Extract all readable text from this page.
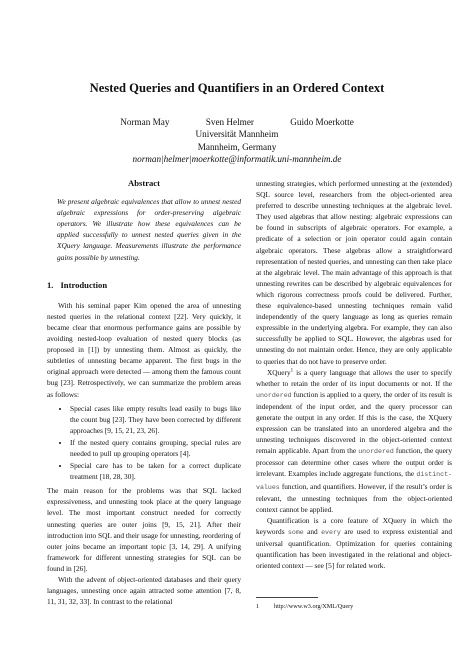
Nested Queries and Quantifiers in an Ordered Context
Norman May	Sven Helmer	Guido Moerkotte
Universität Mannheim
Mannheim, Germany
norman|helmer|moerkotte@informatik.uni-mannheim.de
Abstract

We present algebraic equivalences that allow to unnest nested algebraic expressions for order-preserving algebraic operators. We illustrate how these equivalences can be applied successfully to unnest nested queries given in the XQuery language. Measurements illustrate the performance gains possible by unnesting.

1. Introduction

With his seminal paper Kim opened the area of unnesting nested queries in the relational context [22]. Very quickly, it became clear that enormous performance gains are possible by avoiding nested-loop evaluation of nested query blocks (as proposed in [1]) by unnesting them. Almost as quickly, the subtleties of unnesting became apparent. The first bugs in the original approach were detected — among them the famous count bug [23]. Retrospectively, we can summarize the problem areas as follows:

• Special cases like empty results lead easily to bugs like the count bug [23]. They have been corrected by different approaches [9, 15, 21, 23, 26].
• If the nested query contains grouping, special rules are needed to pull up grouping operators [4].
• Special care has to be taken for a correct duplicate treatment [18, 28, 30].

The main reason for the problems was that SQL lacked expressiveness, and unnesting took place at the query language level. The most important construct needed for correctly unnesting queries are outer joins [9, 15, 21]. After their introduction into SQL and their usage for unnesting, reordering of outer joins became an important topic [3, 14, 29]. A unifying framework for different unnesting strategies for SQL can be found in [26].

With the advent of object-oriented databases and their query languages, unnesting once again attracted some attention [7, 8, 11, 31, 32, 33]. In contrast to the relational

unnesting strategies, which performed unnesting at the (extended) SQL source level, researchers from the object-oriented area preferred to describe unnesting techniques at the algebraic level. They used algebras that allow nesting: algebraic expressions can be found in subscripts of algebraic operators. For example, a predicate of a selection or join operator could again contain algebraic operators. These algebras allow a straightforward representation of nested queries, and unnesting can then take place at the algebraic level. The main advantage of this approach is that unnesting rewrites can be described by algebraic equivalences for which rigorous correctness proofs could be delivered. Further, these equivalence-based unnesting techniques remain valid independently of the query language as long as queries remain expressible in the underlying algebra. For example, they can also successfully be applied to SQL. However, the algebras used for unnesting do not maintain order. Hence, they are only applicable to queries that do not have to preserve order.

XQuery$^1$ is a query language that allows the user to specify whether to retain the order of its input documents or not. If the unordered function is applied to a query, the order of its result is independent of the input order, and the query processor can generate the output in any order. If this is the case, the XQuery expression can be translated into an unordered algebra and the unnesting techniques discovered in the object-oriented context remain applicable. Apart from the unordered function, the query processor can determine other cases where the output order is irrelevant. Examples include aggregate functions, the distinct-values function, and quantifiers. However, if the result’s order is relevant, the unnesting techniques from the object-oriented context cannot be applied.

Quantification is a core feature of XQuery in which the keywords some and every are used to express existential and universal quantification. Optimization for queries containing quantification has been investigated in the relational and object-oriented context — see [5] for related work.

1 http://www.w3.org/XML/Query
